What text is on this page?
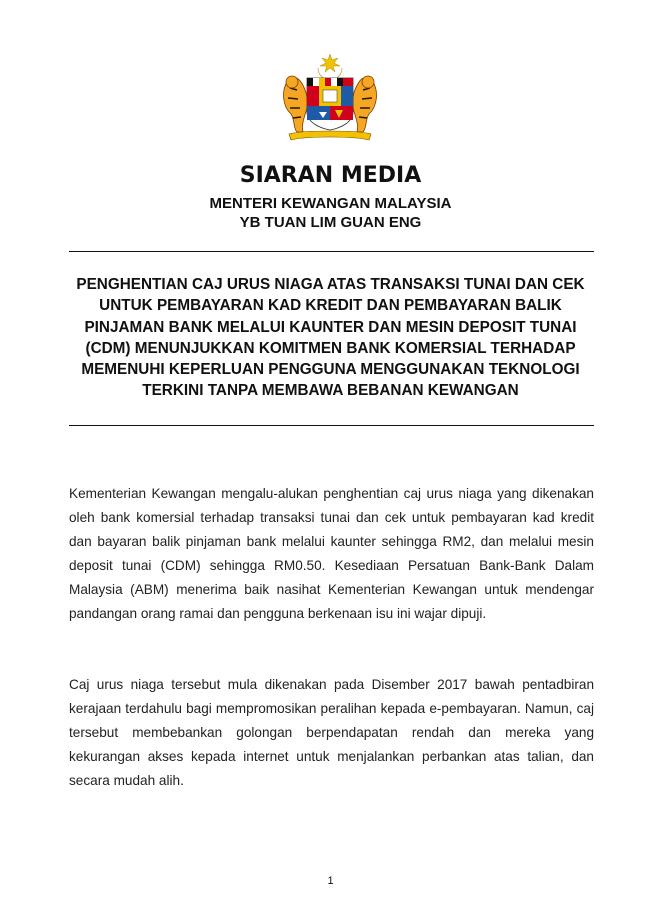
SIARAN MEDIA
MENTERI KEWANGAN MALAYSIA
YB TUAN LIM GUAN ENG
PENGHENTIAN CAJ URUS NIAGA ATAS TRANSAKSI TUNAI DAN CEK UNTUK PEMBAYARAN KAD KREDIT DAN PEMBAYARAN BALIK PINJAMAN BANK MELALUI KAUNTER DAN MESIN DEPOSIT TUNAI (CDM) MENUNJUKKAN KOMITMEN BANK KOMERSIAL TERHADAP MEMENUHI KEPERLUAN PENGGUNA MENGGUNAKAN TEKNOLOGI TERKINI TANPA MEMBAWA BEBANAN KEWANGAN
Kementerian Kewangan mengalu-alukan penghentian caj urus niaga yang dikenakan oleh bank komersial terhadap transaksi tunai dan cek untuk pembayaran kad kredit dan bayaran balik pinjaman bank melalui kaunter sehingga RM2, dan melalui mesin deposit tunai (CDM) sehingga RM0.50. Kesediaan Persatuan Bank-Bank Dalam Malaysia (ABM) menerima baik nasihat Kementerian Kewangan untuk mendengar pandangan orang ramai dan pengguna berkenaan isu ini wajar dipuji.
Caj urus niaga tersebut mula dikenakan pada Disember 2017 bawah pentadbiran kerajaan terdahulu bagi mempromosikan peralihan kepada e-pembayaran. Namun, caj tersebut membebankan golongan berpendapatan rendah dan mereka yang kekurangan akses kepada internet untuk menjalankan perbankan atas talian, dan secara mudah alih.
1
